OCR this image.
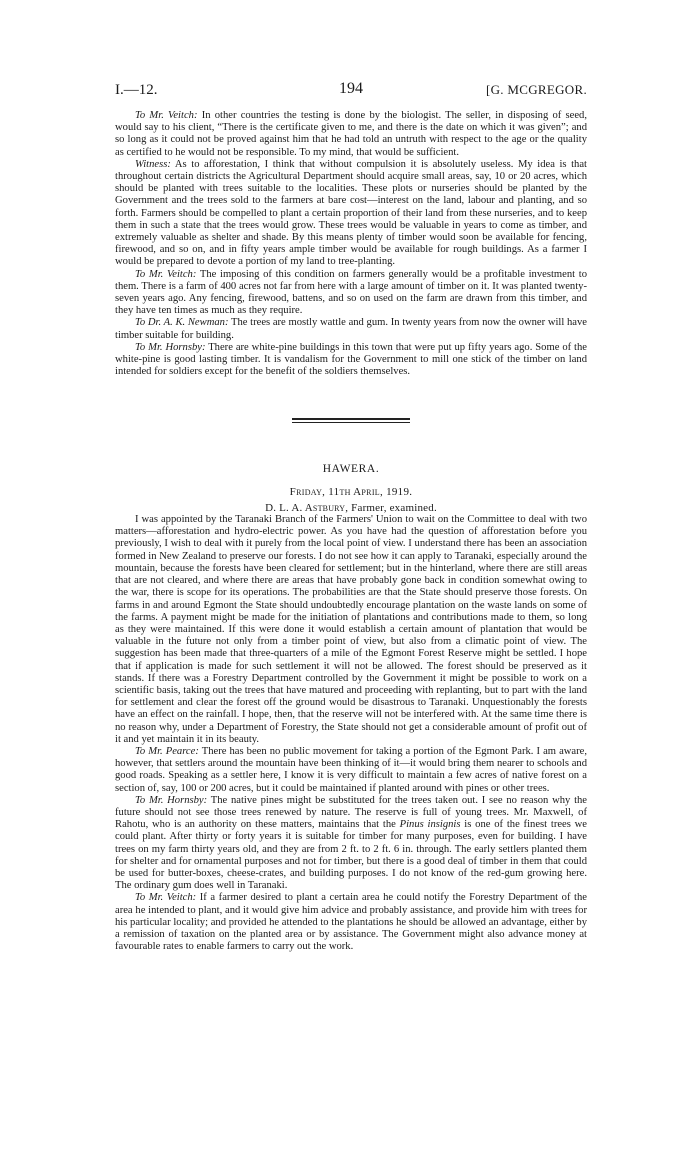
I.—12.	194	[G. MCGREGOR.

To Mr. Veitch: In other countries the testing is done by the biologist. The seller, in disposing of seed, would say to his client, “There is the certificate given to me, and there is the date on which it was given”; and so long as it could not be proved against him that he had told an untruth with respect to the age or the quality as certified to he would not be responsible. To my mind, that would be sufficient.

Witness: As to afforestation, I think that without compulsion it is absolutely useless. My idea is that throughout certain districts the Agricultural Department should acquire small areas, say, 10 or 20 acres, which should be planted with trees suitable to the localities. These plots or nurseries should be planted by the Government and the trees sold to the farmers at bare cost—interest on the land, labour and planting, and so forth. Farmers should be compelled to plant a certain proportion of their land from these nurseries, and to keep them in such a state that the trees would grow. These trees would be valuable in years to come as timber, and extremely valuable as shelter and shade. By this means plenty of timber would soon be available for fencing, firewood, and so on, and in fifty years ample timber would be available for rough buildings. As a farmer I would be prepared to devote a portion of my land to tree-planting.

To Mr. Veitch: The imposing of this condition on farmers generally would be a profitable investment to them. There is a farm of 400 acres not far from here with a large amount of timber on it. It was planted twenty-seven years ago. Any fencing, firewood, battens, and so on used on the farm are drawn from this timber, and they have ten times as much as they require.

To Dr. A. K. Newman: The trees are mostly wattle and gum. In twenty years from now the owner will have timber suitable for building.

To Mr. Hornsby: There are white-pine buildings in this town that were put up fifty years ago. Some of the white-pine is good lasting timber. It is vandalism for the Government to mill one stick of the timber on land intended for soldiers except for the benefit of the soldiers themselves.

HAWERA.
Friday, 11th April, 1919.
D. L. A. Astbury, Farmer, examined.

I was appointed by the Taranaki Branch of the Farmers' Union to wait on the Committee to deal with two matters—afforestation and hydro-electric power. As you have had the question of afforestation before you previously, I wish to deal with it purely from the local point of view. I understand there has been an association formed in New Zealand to preserve our forests. I do not see how it can apply to Taranaki, especially around the mountain, because the forests have been cleared for settlement; but in the hinterland, where there are still areas that are not cleared, and where there are areas that have probably gone back in condition somewhat owing to the war, there is scope for its operations. The probabilities are that the State should preserve those forests. On farms in and around Egmont the State should undoubtedly encourage plantation on the waste lands on some of the farms. A payment might be made for the initiation of plantations and contributions made to them, so long as they were maintained. If this were done it would establish a certain amount of plantation that would be valuable in the future not only from a timber point of view, but also from a climatic point of view. The suggestion has been made that three-quarters of a mile of the Egmont Forest Reserve might be settled. I hope that if application is made for such settlement it will not be allowed. The forest should be preserved as it stands. If there was a Forestry Department controlled by the Government it might be possible to work on a scientific basis, taking out the trees that have matured and proceeding with replanting, but to part with the land for settlement and clear the forest off the ground would be disastrous to Taranaki. Unquestionably the forests have an effect on the rainfall. I hope, then, that the reserve will not be interfered with. At the same time there is no reason why, under a Department of Forestry, the State should not get a considerable amount of profit out of it and yet maintain it in its beauty.

To Mr. Pearce: There has been no public movement for taking a portion of the Egmont Park. I am aware, however, that settlers around the mountain have been thinking of it—it would bring them nearer to schools and good roads. Speaking as a settler here, I know it is very difficult to maintain a few acres of native forest on a section of, say, 100 or 200 acres, but it could be maintained if planted around with pines or other trees.

To Mr. Hornsby: The native pines might be substituted for the trees taken out. I see no reason why the future should not see those trees renewed by nature. The reserve is full of young trees. Mr. Maxwell, of Rahotu, who is an authority on these matters, maintains that the Pinus insignis is one of the finest trees we could plant. After thirty or forty years it is suitable for timber for many purposes, even for building. I have trees on my farm thirty years old, and they are from 2 ft. to 2 ft. 6 in. through. The early settlers planted them for shelter and for ornamental purposes and not for timber, but there is a good deal of timber in them that could be used for butter-boxes, cheese-crates, and building purposes. I do not know of the red-gum growing here. The ordinary gum does well in Taranaki.

To Mr. Veitch: If a farmer desired to plant a certain area he could notify the Forestry Department of the area he intended to plant, and it would give him advice and probably assistance, and provide him with trees for his particular locality; and provided he attended to the plantations he should be allowed an advantage, either by a remission of taxation on the planted area or by assistance. The Government might also advance money at favourable rates to enable farmers to carry out the work.
